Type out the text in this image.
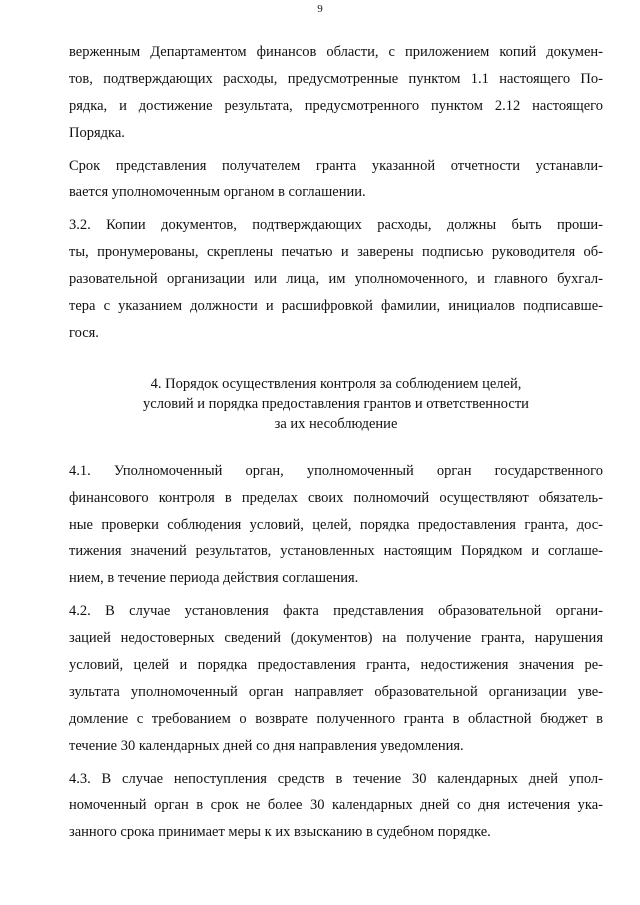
9
верженным Департаментом финансов области, с приложением копий докумен-
тов, подтверждающих расходы, предусмотренные пунктом 1.1 настоящего По-
рядка, и достижение результата, предусмотренного пунктом 2.12 настоящего
Порядка.
Срок представления получателем гранта указанной отчетности устанавли-
вается уполномоченным органом в соглашении.
3.2. Копии документов, подтверждающих расходы, должны быть проши-
ты, пронумерованы, скреплены печатью и заверены подписью руководителя об-
разовательной организации или лица, им уполномоченного, и главного бухгал-
тера с указанием должности и расшифровкой фамилии, инициалов подписавше-
гося.
4. Порядок осуществления контроля за соблюдением целей,
условий и порядка предоставления грантов и ответственности
за их несоблюдение
4.1. Уполномоченный орган, уполномоченный орган государственного
финансового контроля в пределах своих полномочий осуществляют обязатель-
ные проверки соблюдения условий, целей, порядка предоставления гранта, дос-
тижения значений результатов, установленных настоящим Порядком и соглаше-
нием, в течение периода действия соглашения.
4.2. В случае установления факта представления образовательной органи-
зацией недостоверных сведений (документов) на получение гранта, нарушения
условий, целей и порядка предоставления гранта, недостижения значения ре-
зультата уполномоченный орган направляет образовательной организации уве-
домление с требованием о возврате полученного гранта в областной бюджет в
течение 30 календарных дней со дня направления уведомления.
4.3. В случае непоступления средств в течение 30 календарных дней упол-
номоченный орган в срок не более 30 календарных дней со дня истечения ука-
занного срока принимает меры к их взысканию в судебном порядке.
